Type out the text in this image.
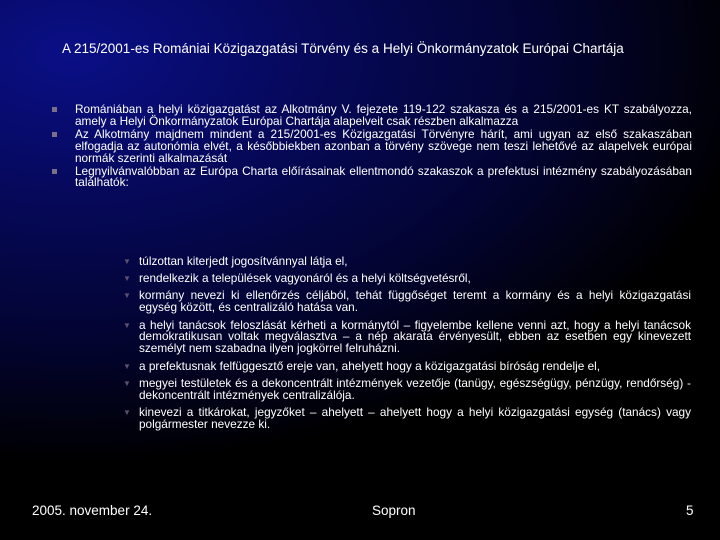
A 215/2001-es Romániai Közigazgatási Törvény és a Helyi Önkormányzatok Európai Chartája
Romániában a helyi közigazgatást az Alkotmány V. fejezete 119-122 szakasza és a 215/2001-es KT szabályozza, amely a Helyi Önkormányzatok Európai Chartája alapelveit csak részben alkalmazza
Az Alkotmány majdnem mindent a 215/2001-es Közigazgatási Törvényre hárít, ami ugyan az első szakaszában elfogadja az autonómia elvét, a későbbiekben azonban a törvény szövege nem teszi lehetővé az alapelvek európai normák szerinti alkalmazását
Legnyilvánvalóbban az Európa Charta előírásainak ellentmondó szakaszok a prefektusi intézmény szabályozásában találhatók:
▼ túlzottan kiterjedt jogosítvánnyal látja el,
▼ rendelkezik a települések vagyonáról és a helyi költségvetésről,
▼ kormány nevezi ki ellenőrzés céljából, tehát függőséget teremt a kormány és a helyi közigazgatási egység között, és centralizáló hatása van.
▼ a helyi tanácsok feloszlását kérheti a kormánytól – figyelembe kellene venni azt, hogy a helyi tanácsok demokratikusan voltak megválasztva – a nép akarata érvényesült, ebben az esetben egy kinevezett személyt nem szabadna ilyen jogkörrel felruházni.
▼ a prefektusnak felfüggesztő ereje van, ahelyett hogy a közigazgatási bíróság rendelje el,
▼ megyei testületek és a dekoncentrált intézmények vezetője (tanügy, egészségügy, pénzügy, rendőrség) - dekoncentrált intézmények centralizálója.
▼ kinevezi a titkárokat, jegyzőket – ahelyett – ahelyett hogy a helyi közigazgatási egység (tanács) vagy polgármester nevezze ki.
2005. november 24.	Sopron	5
